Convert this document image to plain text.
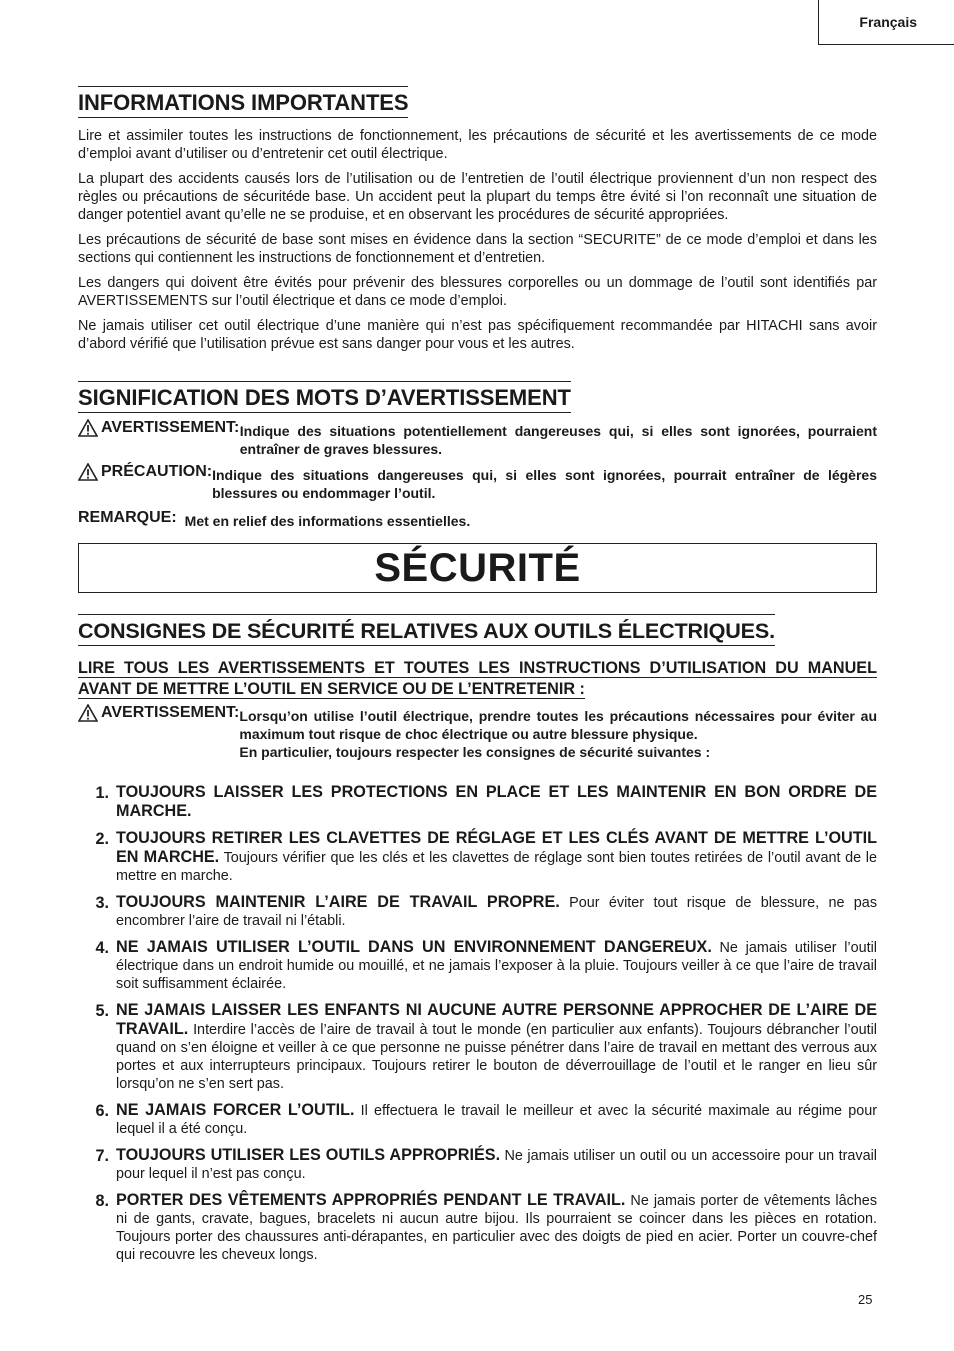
Français
INFORMATIONS IMPORTANTES

Lire et assimiler toutes les instructions de fonctionnement, les précautions de sécurité et les avertissements de ce mode d’emploi avant d’utiliser ou d’entretenir cet outil électrique.

La plupart des accidents causés lors de l’utilisation ou de l’entretien de l’outil électrique proviennent d’un non respect des règles ou précautions de sécuritéde base. Un accident peut la plupart du temps être évité si l’on reconnaît une situation de danger potentiel avant qu’elle ne se produise, et en observant les procédures de sécurité appropriées.

Les précautions de sécurité de base sont mises en évidence dans la section “SECURITE” de ce mode d’emploi et dans les sections qui contiennent les instructions de fonctionnement et d’entretien.

Les dangers qui doivent être évités pour prévenir des blessures corporelles ou un dommage de l’outil sont identifiés par AVERTISSEMENTS sur l’outil électrique et dans ce mode d’emploi.

Ne jamais utiliser cet outil électrique d’une manière qui n’est pas spécifiquement recommandée par HITACHI sans avoir d’abord vérifié que l’utilisation prévue est sans danger pour vous et les autres.

SIGNIFICATION DES MOTS D’AVERTISSEMENT
AVERTISSEMENT: Indique des situations potentiellement dangereuses qui, si elles sont ignorées, pourraient entraîner de graves blessures.
PRÉCAUTION: Indique des situations dangereuses qui, si elles sont ignorées, pourrait entraîner de légères blessures ou endommager l’outil.
REMARQUE: Met en relief des informations essentielles.
SÉCURITÉ
CONSIGNES DE SÉCURITÉ RELATIVES AUX OUTILS ÉLECTRIQUES.
LIRE TOUS LES AVERTISSEMENTS ET TOUTES LES INSTRUCTIONS D’UTILISATION DU MANUEL AVANT DE METTRE L’OUTIL EN SERVICE OU DE L’ENTRETENIR :
AVERTISSEMENT: Lorsqu’on utilise l’outil électrique, prendre toutes les précautions nécessaires pour éviter au maximum tout risque de choc électrique ou autre blessure physique.
En particulier, toujours respecter les consignes de sécurité suivantes :
1. TOUJOURS LAISSER LES PROTECTIONS EN PLACE ET LES MAINTENIR EN BON ORDRE DE MARCHE.
2. TOUJOURS RETIRER LES CLAVETTES DE RÉGLAGE ET LES CLÉS AVANT DE METTRE L’OUTIL EN MARCHE. Toujours vérifier que les clés et les clavettes de réglage sont bien toutes retirées de l’outil avant de le mettre en marche.
3. TOUJOURS MAINTENIR L’AIRE DE TRAVAIL PROPRE. Pour éviter tout risque de blessure, ne pas encombrer l’aire de travail ni l’établi.
4. NE JAMAIS UTILISER L’OUTIL DANS UN ENVIRONNEMENT DANGEREUX. Ne jamais utiliser l’outil électrique dans un endroit humide ou mouillé, et ne jamais l’exposer à la pluie. Toujours veiller à ce que l’aire de travail soit suffisamment éclairée.
5. NE JAMAIS LAISSER LES ENFANTS NI AUCUNE AUTRE PERSONNE APPROCHER DE L’AIRE DE TRAVAIL. Interdire l’accès de l’aire de travail à tout le monde (en particulier aux enfants). Toujours débrancher l’outil quand on s’en éloigne et veiller à ce que personne ne puisse pénétrer dans l’aire de travail en mettant des verrous aux portes et aux interrupteurs principaux. Toujours retirer le bouton de déverrouillage de l’outil et le ranger en lieu sûr lorsqu’on ne s’en sert pas.
6. NE JAMAIS FORCER L’OUTIL. Il effectuera le travail le meilleur et avec la sécurité maximale au régime pour lequel il a été conçu.
7. TOUJOURS UTILISER LES OUTILS APPROPRIÉS. Ne jamais utiliser un outil ou un accessoire pour un travail pour lequel il n’est pas conçu.
8. PORTER DES VÊTEMENTS APPROPRIÉS PENDANT LE TRAVAIL. Ne jamais porter de vêtements lâches ni de gants, cravate, bagues, bracelets ni aucun autre bijou. Ils pourraient se coincer dans les pièces en rotation. Toujours porter des chaussures anti-dérapantes, en particulier avec des doigts de pied en acier. Porter un couvre-chef qui recouvre les cheveux longs.
25
